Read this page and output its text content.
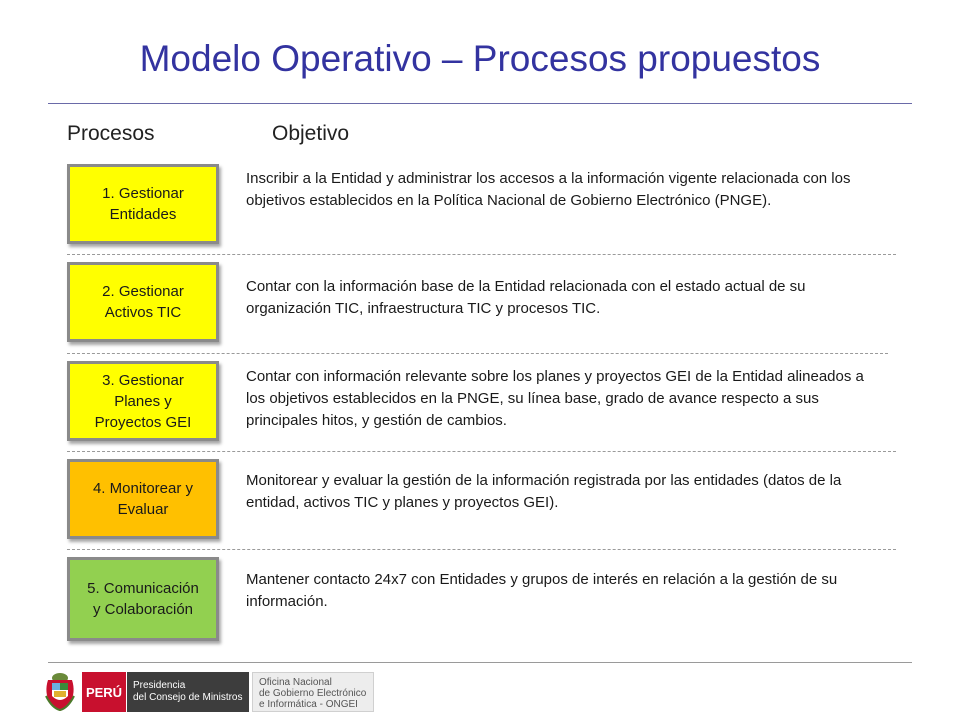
Modelo Operativo – Procesos propuestos
Procesos	Objetivo
1. Gestionar
Entidades
Inscribir a la Entidad y administrar los accesos a la información vigente relacionada con los objetivos establecidos en la Política Nacional de Gobierno Electrónico (PNGE).
2. Gestionar
Activos TIC
Contar con la información base de la Entidad relacionada con el estado actual de su organización TIC, infraestructura TIC y procesos TIC.
3. Gestionar
Planes y
Proyectos GEI
Contar con información relevante sobre los planes y proyectos GEI de la Entidad alineados a los objetivos establecidos en la PNGE, su línea base, grado de avance respecto a sus principales hitos, y gestión de cambios.
4. Monitorear y
Evaluar
Monitorear y evaluar la gestión de la información registrada por las entidades (datos de la entidad, activos TIC y planes y proyectos GEI).
5. Comunicación
y Colaboración
Mantener contacto 24x7 con Entidades y grupos de interés en relación a la gestión de su información.
PERÚ	Presidencia
del Consejo de Ministros
Oficina Nacional
de Gobierno Electrónico
e Informática - ONGEI
